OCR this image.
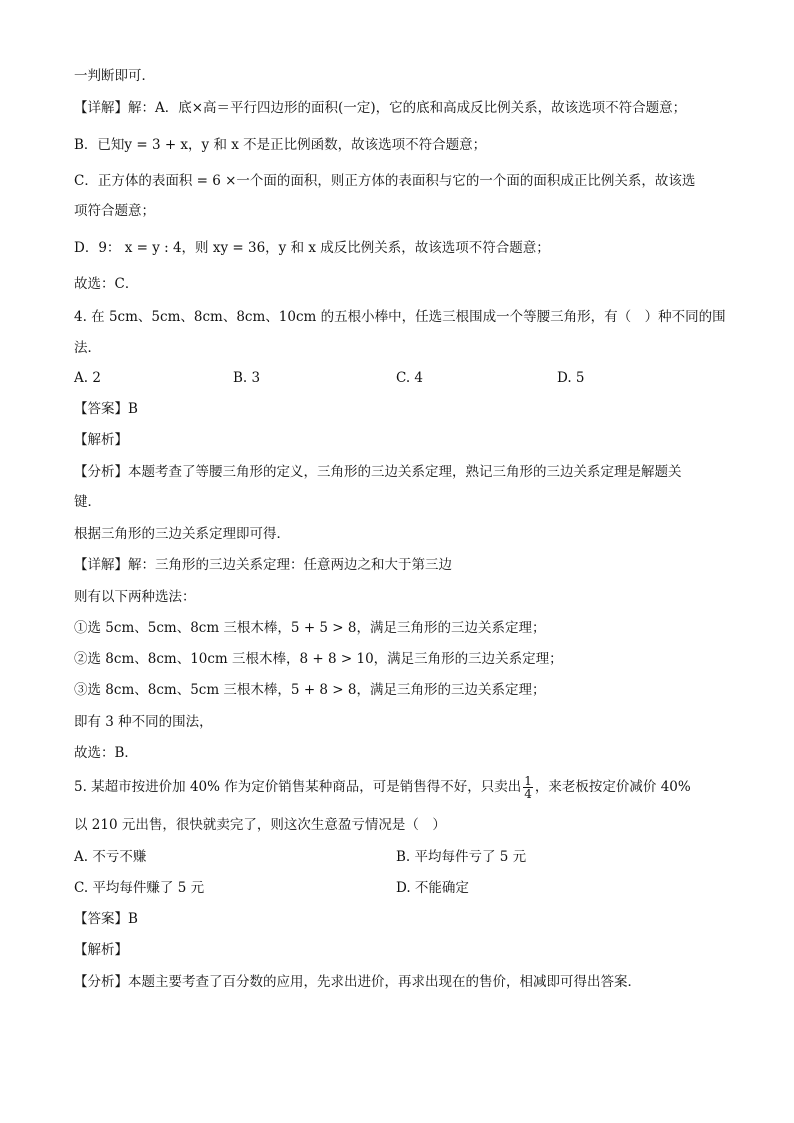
一判断即可．
【详解】解：A．底×高＝平行四边形的面积(一定)，它的底和高成反比例关系，故该选项不符合题意；
B．已知y = 3 + x，y 和 x 不是正比例函数，故该选项不符合题意；
C．正方体的表面积 = 6 ×一个面的面积，则正方体的表面积与它的一个面的面积成正比例关系，故该选
项符合题意；
D．9： x = y : 4，则 xy = 36，y 和 x 成反比例关系，故该选项不符合题意；
故选：C．
4. 在 5cm、5cm、8cm、8cm、10cm 的五根小棒中，任选三根围成一个等腰三角形，有（　）种不同的围
法．
A. 2	B. 3	C. 4	D. 5
【答案】B
【解析】
【分析】本题考查了等腰三角形的定义，三角形的三边关系定理，熟记三角形的三边关系定理是解题关
键．
根据三角形的三边关系定理即可得．
【详解】解：三角形的三边关系定理：任意两边之和大于第三边
则有以下两种选法：
①选 5cm、5cm、8cm 三根木棒，5 + 5 > 8，满足三角形的三边关系定理；
②选 8cm、8cm、10cm 三根木棒，8 + 8 > 10，满足三角形的三边关系定理；
③选 8cm、8cm、5cm 三根木棒，5 + 8 > 8，满足三角形的三边关系定理；
即有 3 种不同的围法，
故选：B．
5. 某超市按进价加 40% 作为定价销售某种商品，可是销售得不好，只卖出 $\frac{1}{4}$ ，来老板按定价减价 40%
以 210 元出售，很快就卖完了，则这次生意盈亏情况是（　）
A. 不亏不赚	B. 平均每件亏了 5 元
C. 平均每件赚了 5 元	D. 不能确定
【答案】B
【解析】
【分析】本题主要考查了百分数的应用，先求出进价，再求出现在的售价，相减即可得出答案．
